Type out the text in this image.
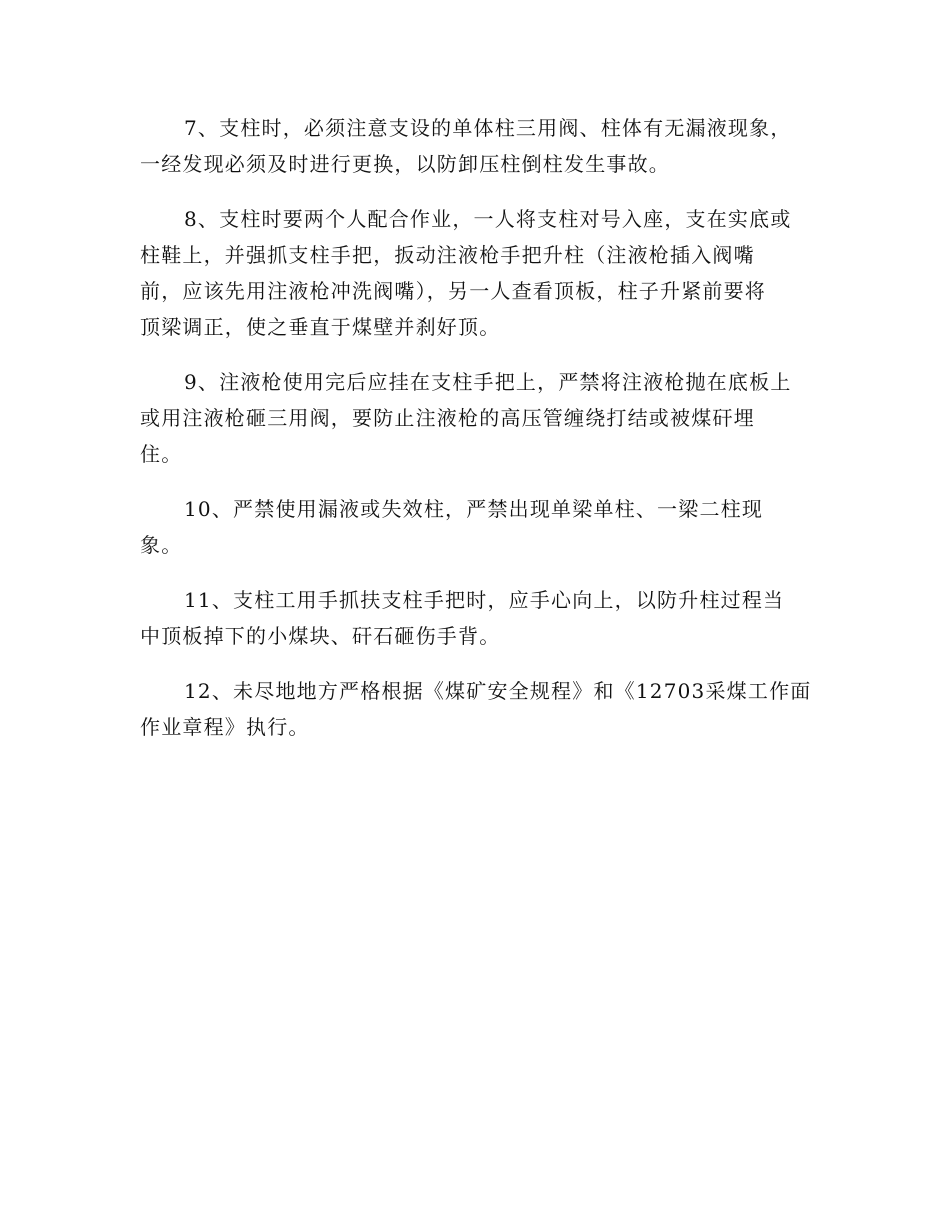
7、支柱时，必须注意支设的单体柱三用阀、柱体有无漏液现象，
一经发现必须及时进行更换，以防卸压柱倒柱发生事故。
8、支柱时要两个人配合作业，一人将支柱对号入座，支在实底或
柱鞋上，并强抓支柱手把，扳动注液枪手把升柱（注液枪插入阀嘴
前，应该先用注液枪冲洗阀嘴），另一人查看顶板，柱子升紧前要将
顶梁调正，使之垂直于煤壁并刹好顶。
9、注液枪使用完后应挂在支柱手把上，严禁将注液枪抛在底板上
或用注液枪砸三用阀，要防止注液枪的高压管缠绕打结或被煤矸埋
住。
10、严禁使用漏液或失效柱，严禁出现单梁单柱、一梁二柱现
象。
11、支柱工用手抓扶支柱手把时，应手心向上，以防升柱过程当
中顶板掉下的小煤块、矸石砸伤手背。
12、未尽地地方严格根据《煤矿安全规程》和《12703采煤工作面
作业章程》执行。
